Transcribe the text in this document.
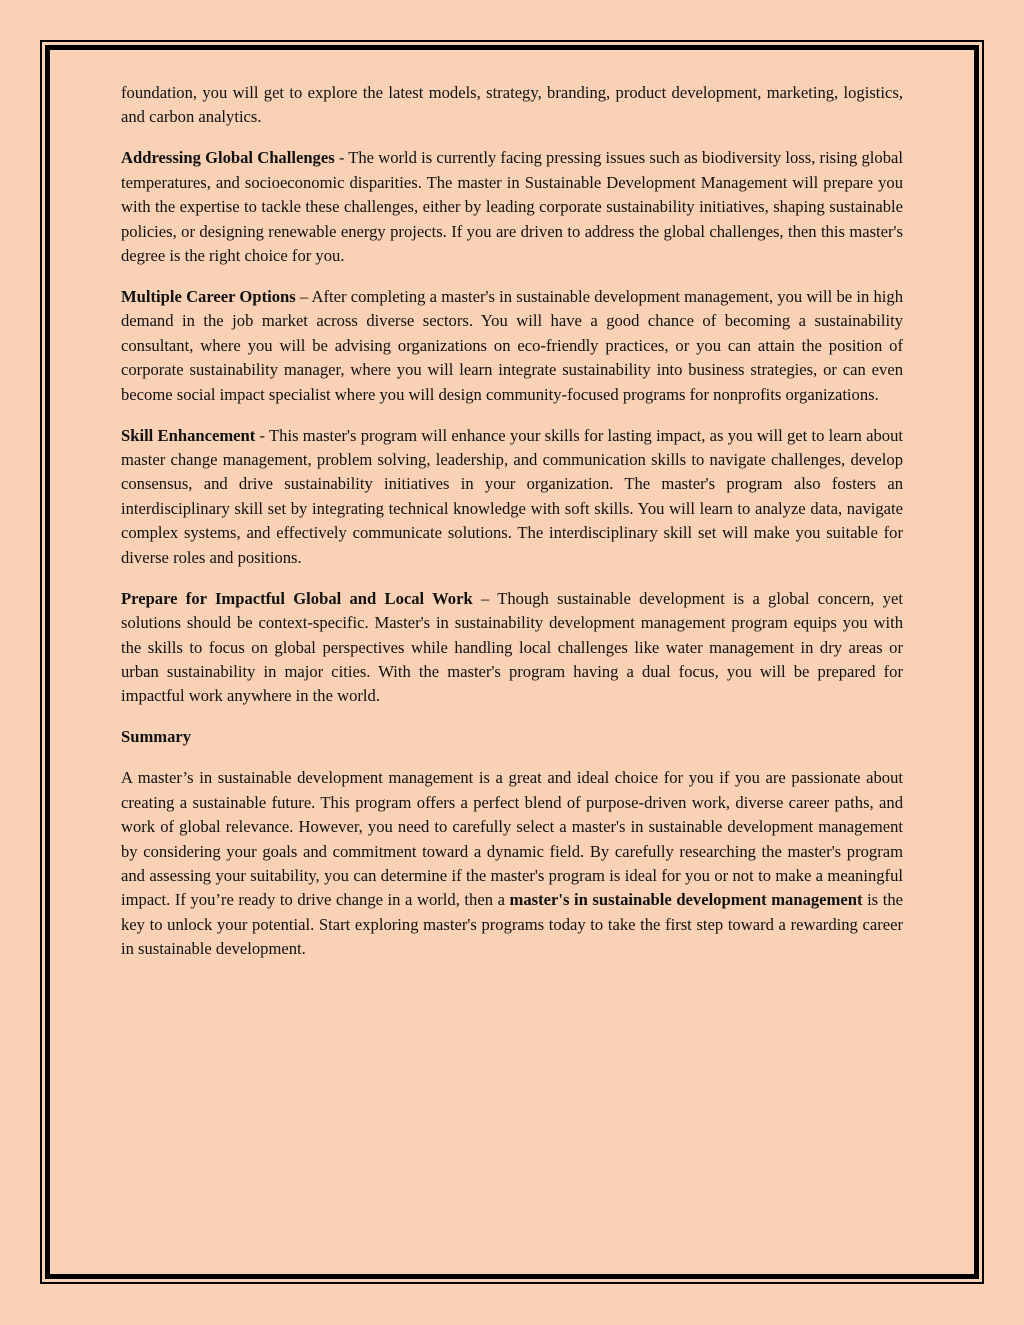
foundation, you will get to explore the latest models, strategy, branding, product development, marketing, logistics, and carbon analytics.

Addressing Global Challenges - The world is currently facing pressing issues such as biodiversity loss, rising global temperatures, and socioeconomic disparities. The master in Sustainable Development Management will prepare you with the expertise to tackle these challenges, either by leading corporate sustainability initiatives, shaping sustainable policies, or designing renewable energy projects. If you are driven to address the global challenges, then this master's degree is the right choice for you.

Multiple Career Options – After completing a master's in sustainable development management, you will be in high demand in the job market across diverse sectors. You will have a good chance of becoming a sustainability consultant, where you will be advising organizations on eco-friendly practices, or you can attain the position of corporate sustainability manager, where you will learn integrate sustainability into business strategies, or can even become social impact specialist where you will design community-focused programs for nonprofits organizations.

Skill Enhancement - This master's program will enhance your skills for lasting impact, as you will get to learn about master change management, problem solving, leadership, and communication skills to navigate challenges, develop consensus, and drive sustainability initiatives in your organization. The master's program also fosters an interdisciplinary skill set by integrating technical knowledge with soft skills. You will learn to analyze data, navigate complex systems, and effectively communicate solutions. The interdisciplinary skill set will make you suitable for diverse roles and positions.

Prepare for Impactful Global and Local Work – Though sustainable development is a global concern, yet solutions should be context-specific. Master's in sustainability development management program equips you with the skills to focus on global perspectives while handling local challenges like water management in dry areas or urban sustainability in major cities. With the master's program having a dual focus, you will be prepared for impactful work anywhere in the world.

Summary

A master’s in sustainable development management is a great and ideal choice for you if you are passionate about creating a sustainable future. This program offers a perfect blend of purpose-driven work, diverse career paths, and work of global relevance. However, you need to carefully select a master's in sustainable development management by considering your goals and commitment toward a dynamic field. By carefully researching the master's program and assessing your suitability, you can determine if the master's program is ideal for you or not to make a meaningful impact. If you’re ready to drive change in a world, then a master's in sustainable development management is the key to unlock your potential. Start exploring master's programs today to take the first step toward a rewarding career in sustainable development.
